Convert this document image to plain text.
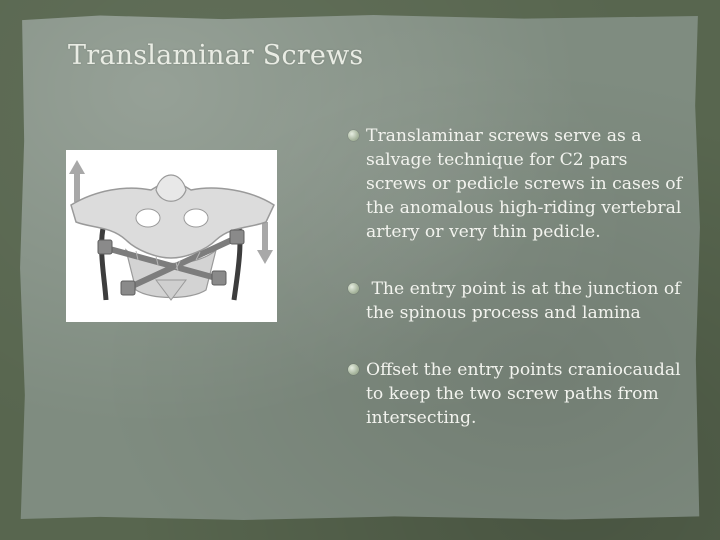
Translaminar Screws
Translaminar screws serve as a salvage technique for C2 pars screws or pedicle screws in cases of the anomalous high-riding vertebral artery or very thin pedicle.
The entry point is at the junction of the spinous process and lamina
Offset the entry points craniocaudal to keep the two screw paths from intersecting.
